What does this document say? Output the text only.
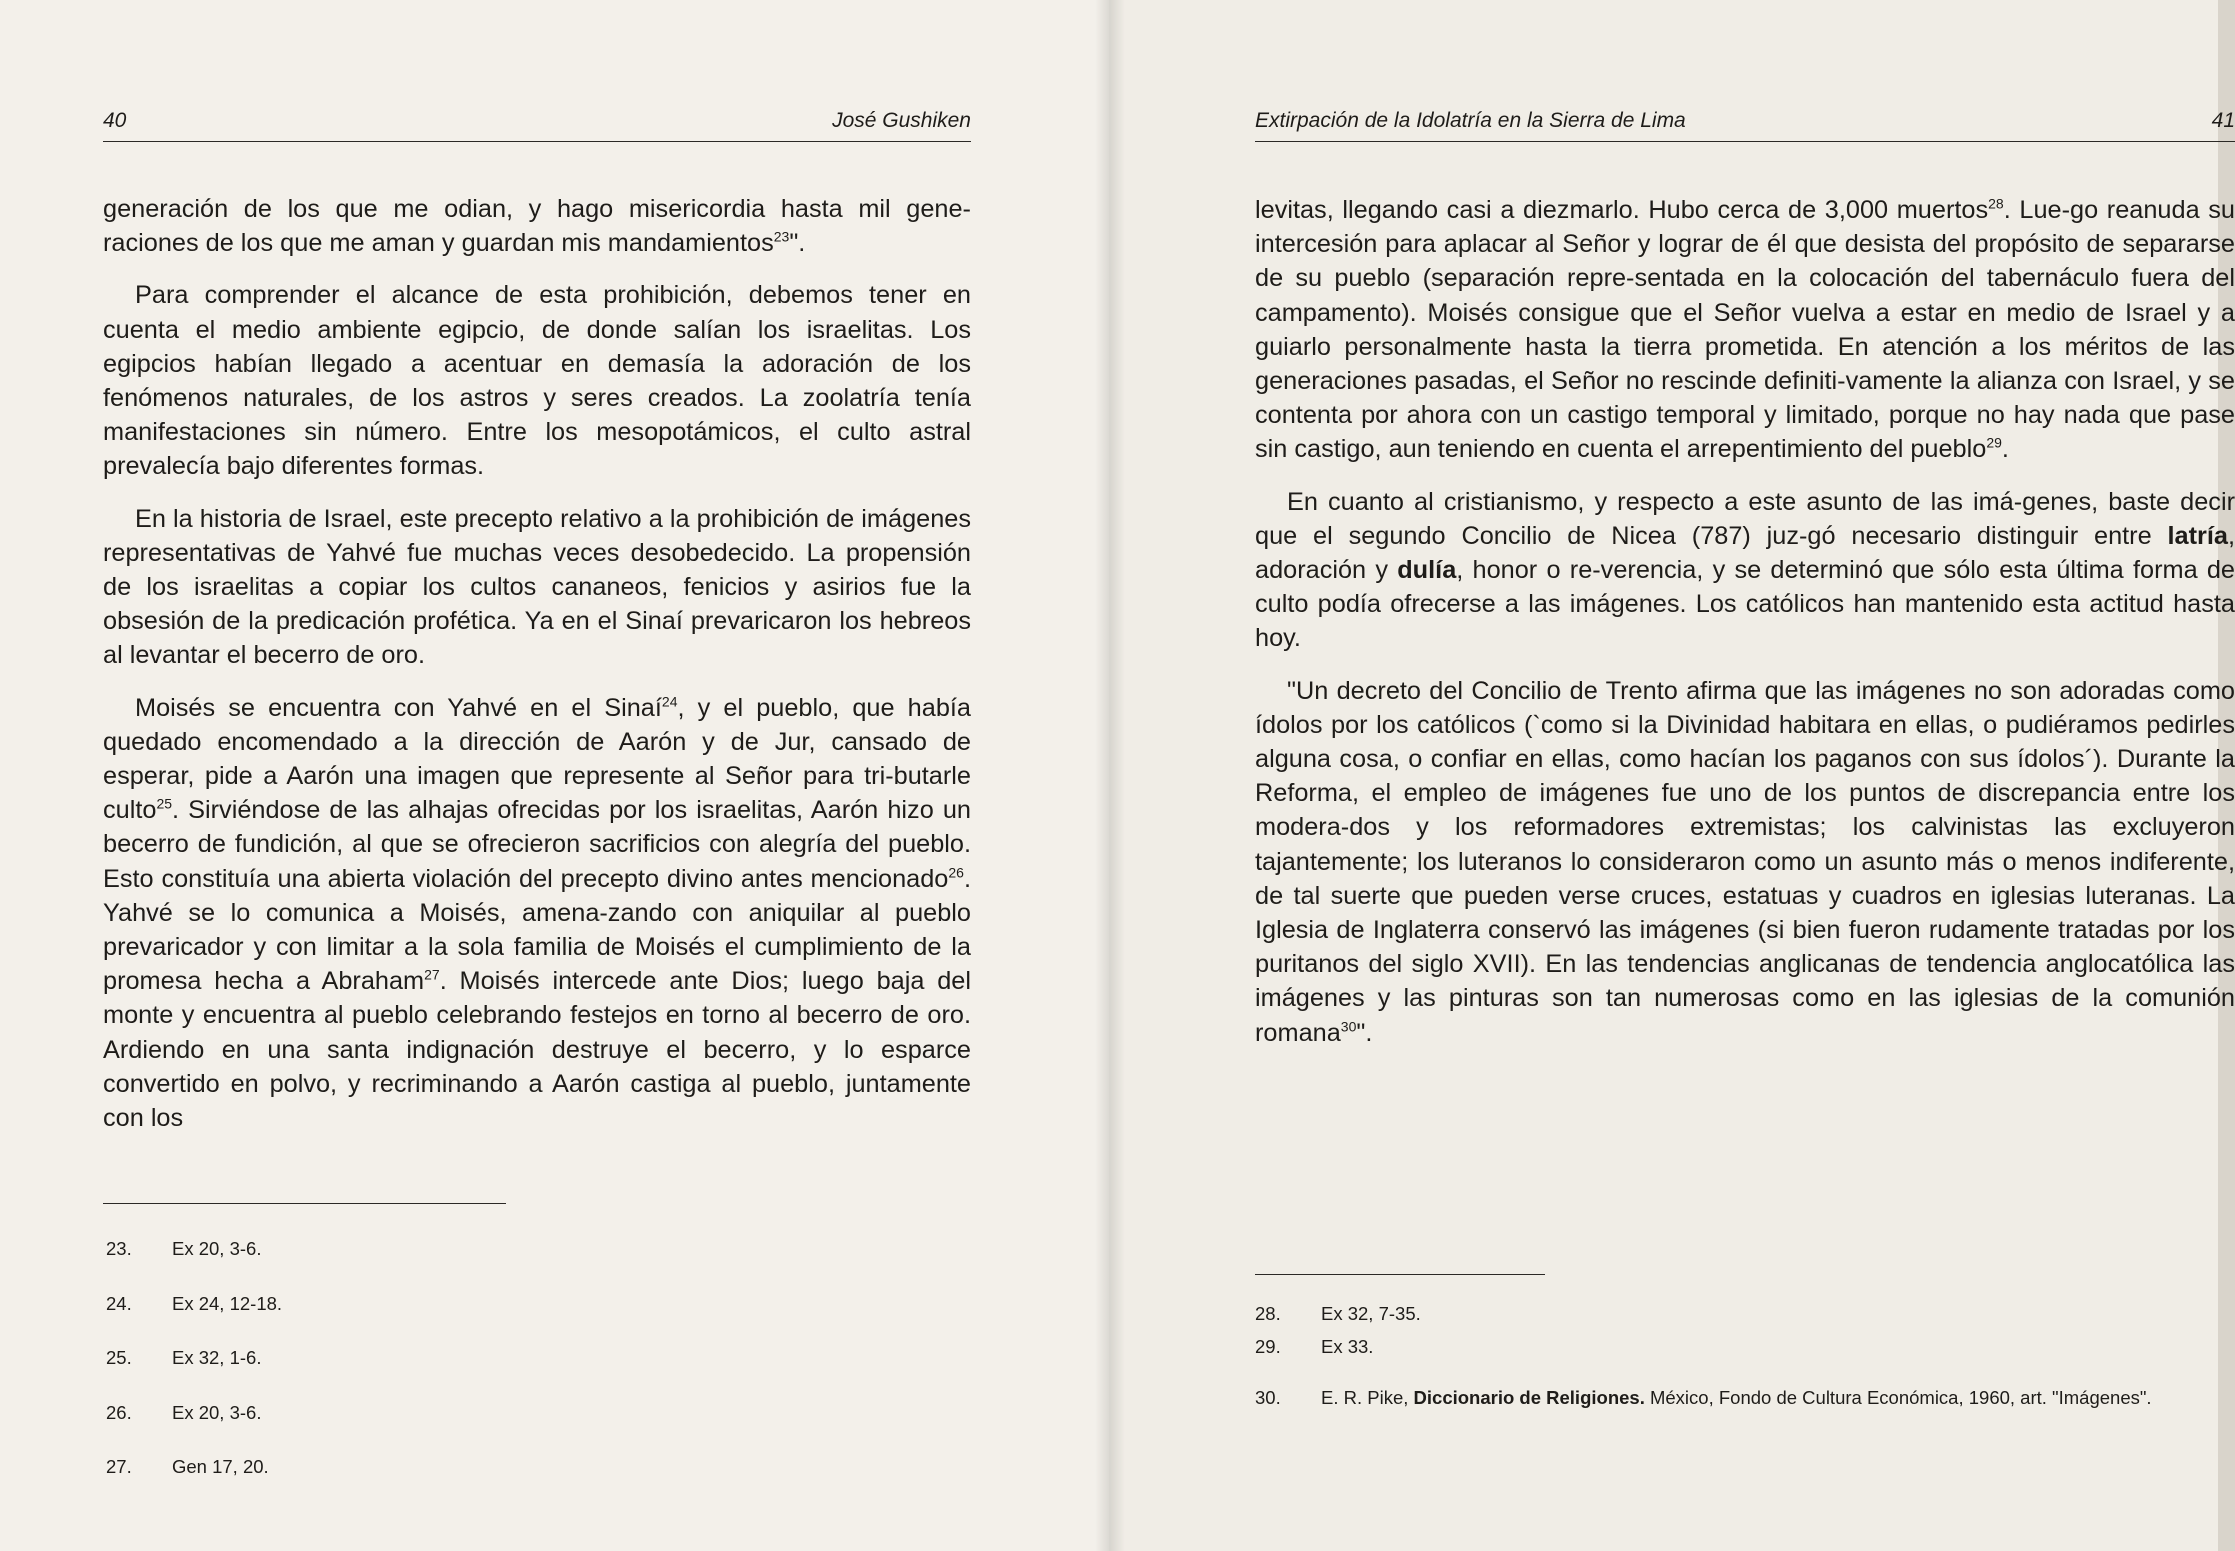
40	José Gushiken

generación de los que me odian, y hago misericordia hasta mil gene-raciones de los que me aman y guardan mis mandamientos$^{23}$".

Para comprender el alcance de esta prohibición, debemos tener en cuenta el medio ambiente egipcio, de donde salían los israelitas. Los egipcios habían llegado a acentuar en demasía la adoración de los fenómenos naturales, de los astros y seres creados. La zoolatría tenía manifestaciones sin número. Entre los mesopotámicos, el culto astral prevalecía bajo diferentes formas.

En la historia de Israel, este precepto relativo a la prohibición de imágenes representativas de Yahvé fue muchas veces desobedecido. La propensión de los israelitas a copiar los cultos cananeos, fenicios y asirios fue la obsesión de la predicación profética. Ya en el Sinaí prevaricaron los hebreos al levantar el becerro de oro.

Moisés se encuentra con Yahvé en el Sinaí$^{24}$, y el pueblo, que había quedado encomendado a la dirección de Aarón y de Jur, cansado de esperar, pide a Aarón una imagen que represente al Señor para tri-butarle culto$^{25}$. Sirviéndose de las alhajas ofrecidas por los israelitas, Aarón hizo un becerro de fundición, al que se ofrecieron sacrificios con alegría del pueblo. Esto constituía una abierta violación del precepto divino antes mencionado$^{26}$. Yahvé se lo comunica a Moisés, amena-zando con aniquilar al pueblo prevaricador y con limitar a la sola familia de Moisés el cumplimiento de la promesa hecha a Abraham$^{27}$. Moisés intercede ante Dios; luego baja del monte y encuentra al pueblo celebrando festejos en torno al becerro de oro. Ardiendo en una santa indignación destruye el becerro, y lo esparce convertido en polvo, y recriminando a Aarón castiga al pueblo, juntamente con los

23.	Ex 20, 3-6.
24.	Ex 24, 12-18.
25.	Ex 32, 1-6.
26.	Ex 20, 3-6.
27.	Gen 17, 20.
Extirpación de la Idolatría en la Sierra de Lima	41

levitas, llegando casi a diezmarlo. Hubo cerca de 3,000 muertos$^{28}$. Lue-go reanuda su intercesión para aplacar al Señor y lograr de él que desista del propósito de separarse de su pueblo (separación repre-sentada en la colocación del tabernáculo fuera del campamento). Moisés consigue que el Señor vuelva a estar en medio de Israel y a guiarlo personalmente hasta la tierra prometida. En atención a los méritos de las generaciones pasadas, el Señor no rescinde definiti-vamente la alianza con Israel, y se contenta por ahora con un castigo temporal y limitado, porque no hay nada que pase sin castigo, aun teniendo en cuenta el arrepentimiento del pueblo$^{29}$.

En cuanto al cristianismo, y respecto a este asunto de las imá-genes, baste decir que el segundo Concilio de Nicea (787) juz-gó necesario distinguir entre latría, adoración y dulía, honor o re-verencia, y se determinó que sólo esta última forma de culto podía ofrecerse a las imágenes. Los católicos han mantenido esta actitud hasta hoy.

"Un decreto del Concilio de Trento afirma que las imágenes no son adoradas como ídolos por los católicos (`como si la Divinidad habitara en ellas, o pudiéramos pedirles alguna cosa, o confiar en ellas, como hacían los paganos con sus ídolos´). Durante la Reforma, el empleo de imágenes fue uno de los puntos de discrepancia entre los modera-dos y los reformadores extremistas; los calvinistas las excluyeron tajantemente; los luteranos lo consideraron como un asunto más o menos indiferente, de tal suerte que pueden verse cruces, estatuas y cuadros en iglesias luteranas. La Iglesia de Inglaterra conservó las imágenes (si bien fueron rudamente tratadas por los puritanos del siglo XVII). En las tendencias anglicanas de tendencia anglocatólica las imágenes y las pinturas son tan numerosas como en las iglesias de la comunión romana$^{30}$".

28.	Ex 32, 7-35.
29.	Ex 33.
30.	E. R. Pike, Diccionario de Religiones. México, Fondo de Cultura Económica, 1960, art. "Imágenes".
